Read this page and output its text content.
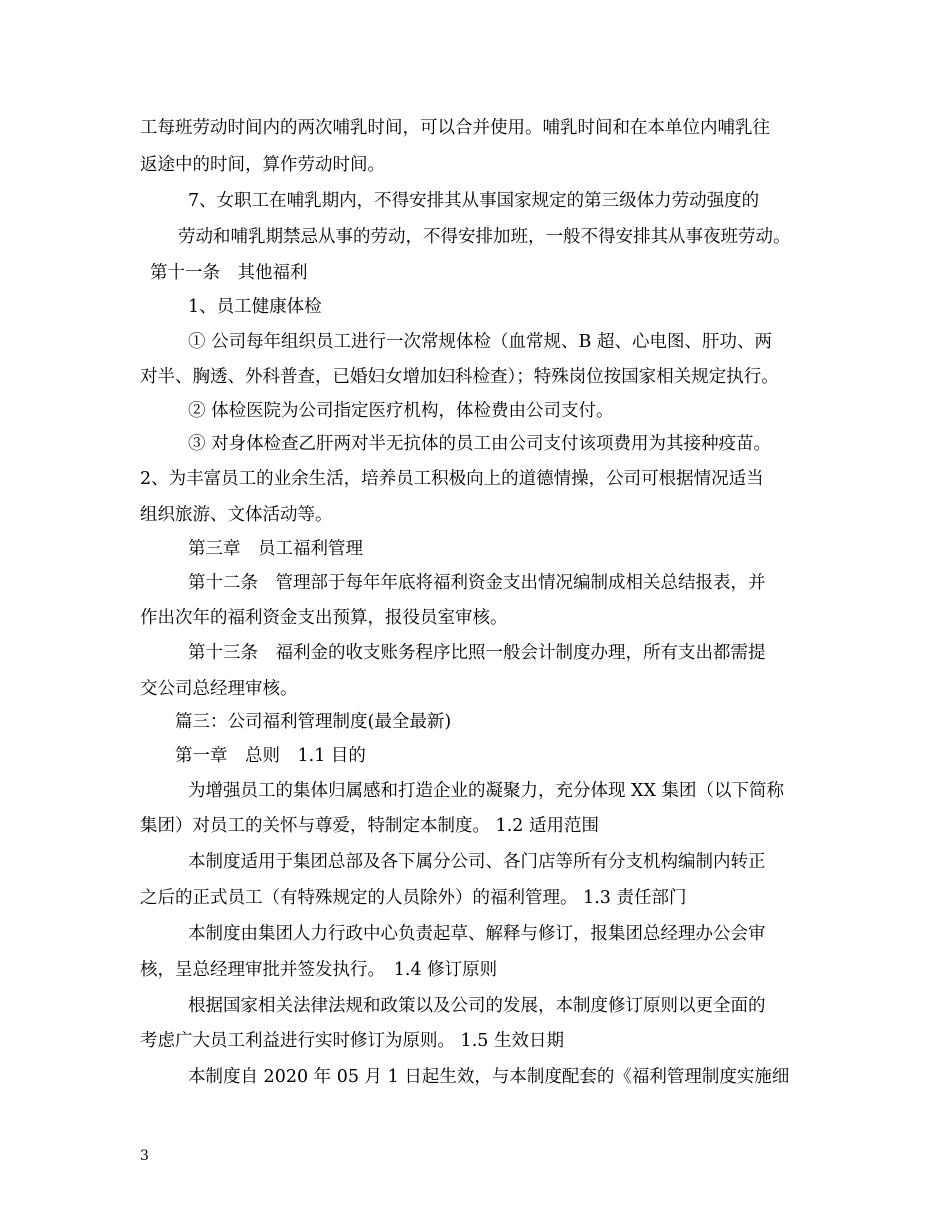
工每班劳动时间内的两次哺乳时间，可以合并使用。哺乳时间和在本单位内哺乳往
返途中的时间，算作劳动时间。
7、女职工在哺乳期内，不得安排其从事国家规定的第三级体力劳动强度的
劳动和哺乳期禁忌从事的劳动，不得安排加班，一般不得安排其从事夜班劳动。
第十一条　其他福利
1、员工健康体检
① 公司每年组织员工进行一次常规体检（血常规、B 超、心电图、肝功、两
对半、胸透、外科普查，已婚妇女增加妇科检查）；特殊岗位按国家相关规定执行。
② 体检医院为公司指定医疗机构，体检费由公司支付。
③ 对身体检查乙肝两对半无抗体的员工由公司支付该项费用为其接种疫苗。
2、为丰富员工的业余生活，培养员工积极向上的道德情操，公司可根据情况适当
组织旅游、文体活动等。
第三章　员工福利管理
第十二条　管理部于每年年底将福利资金支出情况编制成相关总结报表，并
作出次年的福利资金支出预算，报役员室审核。
第十三条　福利金的收支账务程序比照一般会计制度办理，所有支出都需提
交公司总经理审核。
篇三：公司福利管理制度(最全最新)
第一章　总则　1.1 目的
为增强员工的集体归属感和打造企业的凝聚力，充分体现 XX 集团（以下简称
集团）对员工的关怀与尊爱，特制定本制度。 1.2 适用范围
本制度适用于集团总部及各下属分公司、各门店等所有分支机构编制内转正
之后的正式员工（有特殊规定的人员除外）的福利管理。 1.3 责任部门
本制度由集团人力行政中心负责起草、解释与修订，报集团总经理办公会审
核，呈总经理审批并签发执行。　1.4 修订原则
根据国家相关法律法规和政策以及公司的发展，本制度修订原则以更全面的
考虑广大员工利益进行实时修订为原则。 1.5 生效日期
本制度自 2020 年 05 月 1 日起生效，与本制度配套的《福利管理制度实施细
3
